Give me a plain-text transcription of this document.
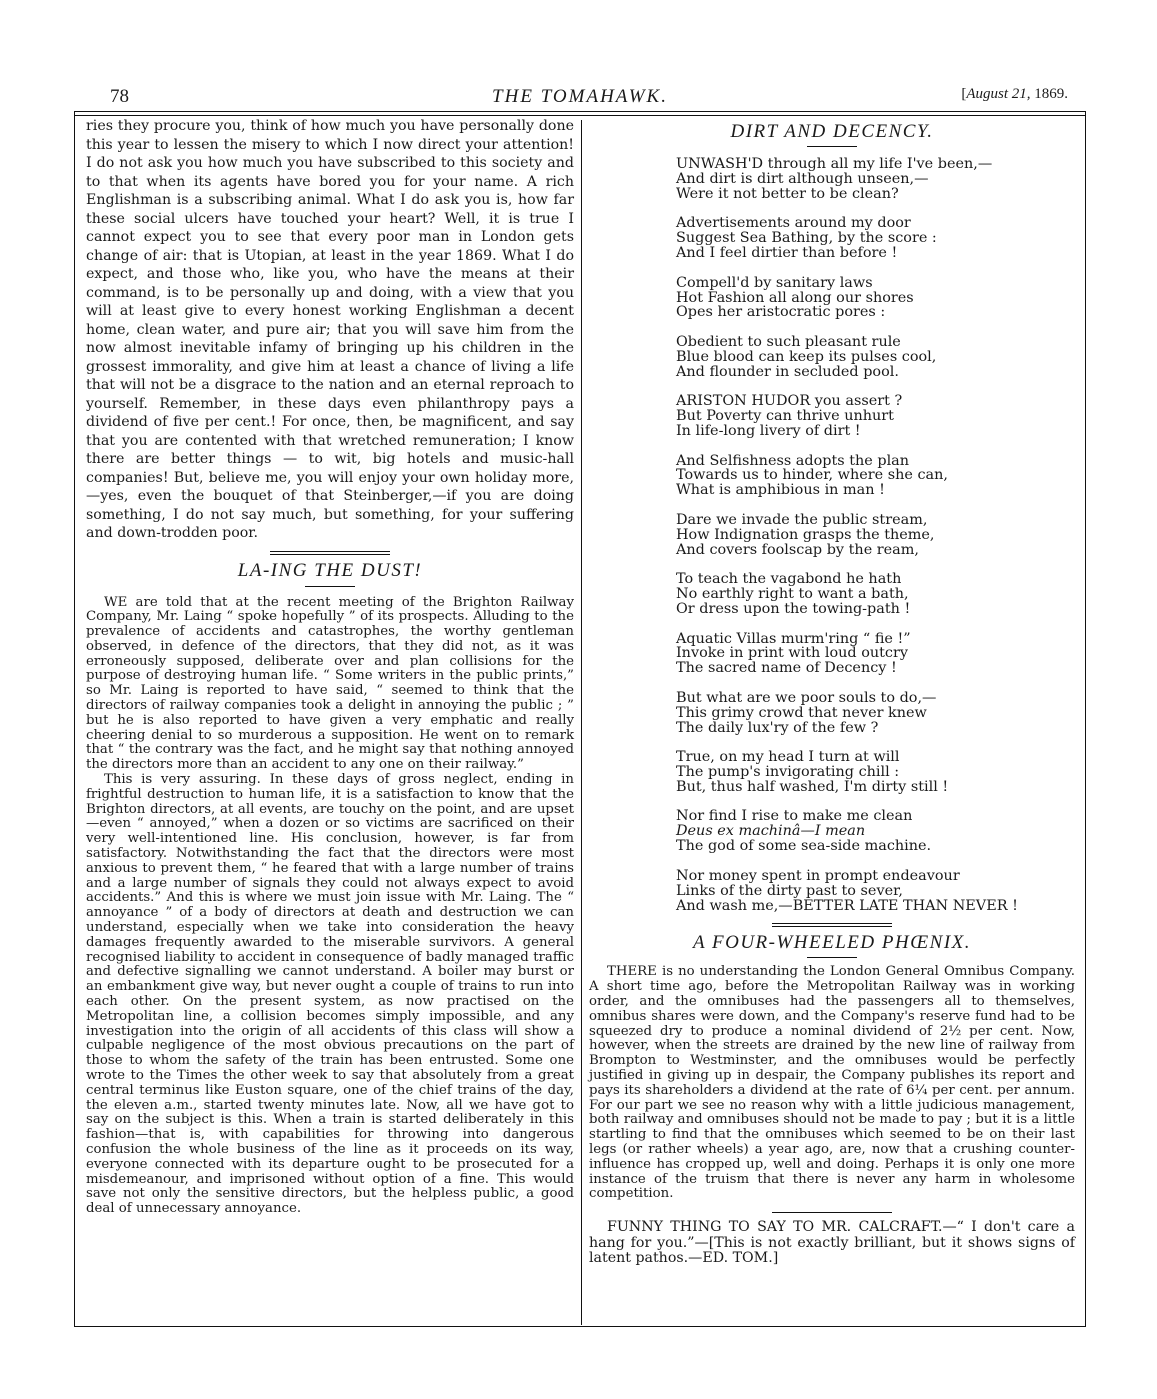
78	THE TOMAHAWK.	[August 21, 1869.

ries they procure you, think of how much you have personally done this year to lessen the misery to which I now direct your attention! I do not ask you how much you have subscribed to this society and to that when its agents have bored you for your name. A rich Englishman is a subscribing animal. What I do ask you is, how far these social ulcers have touched your heart? Well, it is true I cannot expect you to see that every poor man in London gets change of air: that is Utopian, at least in the year 1869. What I do expect, and those who, like you, who have the means at their command, is to be personally up and doing, with a view that you will at least give to every honest working Englishman a decent home, clean water, and pure air; that you will save him from the now almost inevitable infamy of bringing up his children in the grossest immorality, and give him at least a chance of living a life that will not be a disgrace to the nation and an eternal reproach to yourself. Remember, in these days even philanthropy pays a dividend of five per cent.! For once, then, be magnificent, and say that you are contented with that wretched remuneration; I know there are better things — to wit, big hotels and music-hall companies! But, believe me, you will enjoy your own holiday more,—yes, even the bouquet of that Steinberger,—if you are doing something, I do not say much, but something, for your suffering and down-trodden poor.

LA-ING THE DUST!

WE are told that at the recent meeting of the Brighton Railway Company, Mr. Laing “ spoke hopefully ” of its prospects. Alluding to the prevalence of accidents and catastrophes, the worthy gentleman observed, in defence of the directors, that they did not, as it was erroneously supposed, deliberate over and plan collisions for the purpose of destroying human life. “ Some writers in the public prints,” so Mr. Laing is reported to have said, “ seemed to think that the directors of railway companies took a delight in annoying the public ; ” but he is also reported to have given a very emphatic and really cheering denial to so murderous a supposition. He went on to remark that “ the contrary was the fact, and he might say that nothing annoyed the directors more than an accident to any one on their railway.”

This is very assuring. In these days of gross neglect, ending in frightful destruction to human life, it is a satisfaction to know that the Brighton directors, at all events, are touchy on the point, and are upset—even “ annoyed,” when a dozen or so victims are sacrificed on their very well-intentioned line. His conclusion, however, is far from satisfactory. Notwithstanding the fact that the directors were most anxious to prevent them, “ he feared that with a large number of trains and a large number of signals they could not always expect to avoid accidents.” And this is where we must join issue with Mr. Laing. The “ annoyance ” of a body of directors at death and destruction we can understand, especially when we take into consideration the heavy damages frequently awarded to the miserable survivors. A general recognised liability to accident in consequence of badly managed traffic and defective signalling we cannot understand. A boiler may burst or an embankment give way, but never ought a couple of trains to run into each other. On the present system, as now practised on the Metropolitan line, a collision becomes simply impossible, and any investigation into the origin of all accidents of this class will show a culpable negligence of the most obvious precautions on the part of those to whom the safety of the train has been entrusted. Some one wrote to the Times the other week to say that absolutely from a great central terminus like Euston square, one of the chief trains of the day, the eleven a.m., started twenty minutes late. Now, all we have got to say on the subject is this. When a train is started deliberately in this fashion—that is, with capabilities for throwing into dangerous confusion the whole business of the line as it proceeds on its way, everyone connected with its departure ought to be prosecuted for a misdemeanour, and imprisoned without option of a fine. This would save not only the sensitive directors, but the helpless public, a good deal of unnecessary annoyance.

DIRT AND DECENCY.

UNWASH'D through all my life I've been,—
And dirt is dirt although unseen,—
Were it not better to be clean?
Advertisements around my door
Suggest Sea Bathing, by the score :
And I feel dirtier than before !
Compell'd by sanitary laws
Hot Fashion all along our shores
Opes her aristocratic pores :
Obedient to such pleasant rule
Blue blood can keep its pulses cool,
And flounder in secluded pool.
ARISTON HUDOR you assert ?
But Poverty can thrive unhurt
In life-long livery of dirt !
And Selfishness adopts the plan
Towards us to hinder, where she can,
What is amphibious in man !
Dare we invade the public stream,
How Indignation grasps the theme,
And covers foolscap by the ream,
To teach the vagabond he hath
No earthly right to want a bath,
Or dress upon the towing-path !
Aquatic Villas murm'ring “ fie !”
Invoke in print with loud outcry
The sacred name of Decency !
But what are we poor souls to do,—
This grimy crowd that never knew
The daily lux'ry of the few ?
True, on my head I turn at will
The pump's invigorating chill :
But, thus half washed, I'm dirty still !
Nor find I rise to make me clean
Deus ex machinâ—I mean
The god of some sea-side machine.
Nor money spent in prompt endeavour
Links of the dirty past to sever,
And wash me,—BETTER LATE THAN NEVER !

A FOUR-WHEELED PHŒNIX.

THERE is no understanding the London General Omnibus Company. A short time ago, before the Metropolitan Railway was in working order, and the omnibuses had the passengers all to themselves, omnibus shares were down, and the Company's reserve fund had to be squeezed dry to produce a nominal dividend of 2½ per cent. Now, however, when the streets are drained by the new line of railway from Brompton to Westminster, and the omnibuses would be perfectly justified in giving up in despair, the Company publishes its report and pays its shareholders a dividend at the rate of 6¼ per cent. per annum. For our part we see no reason why with a little judicious management, both railway and omnibuses should not be made to pay ; but it is a little startling to find that the omnibuses which seemed to be on their last legs (or rather wheels) a year ago, are, now that a crushing counter-influence has cropped up, well and doing. Perhaps it is only one more instance of the truism that there is never any harm in wholesome competition.

FUNNY THING TO SAY TO MR. CALCRAFT.—“ I don't care a hang for you.”—[This is not exactly brilliant, but it shows signs of latent pathos.—ED. TOM.]
